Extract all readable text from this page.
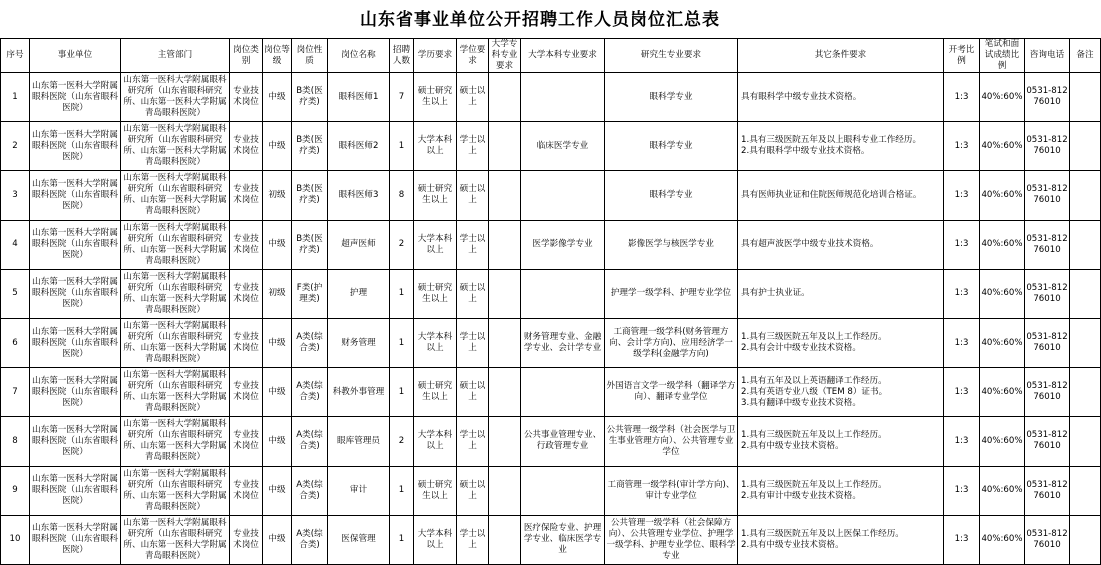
山东省事业单位公开招聘工作人员岗位汇总表
序号	事业单位	主管部门	岗位类别	岗位等级	岗位性质	岗位名称	招聘人数	学历要求	学位要求	大学专科专业要求	大学本科专业要求	研究生专业要求	其它条件要求	开考比例	笔试和面试成绩比例	咨询电话	备注
1	山东第一医科大学附属眼科医院（山东省眼科医院）	山东第一医科大学附属眼科研究所（山东省眼科研究所、山东第一医科大学附属青岛眼科医院）	专业技术岗位	中级	B类(医疗类)	眼科医师1	7	硕士研究生以上	硕士以上			眼科学专业	具有眼科学中级专业技术资格。	1:3	40%:60%	0531-81276010	
2	山东第一医科大学附属眼科医院（山东省眼科医院）	山东第一医科大学附属眼科研究所（山东省眼科研究所、山东第一医科大学附属青岛眼科医院）	专业技术岗位	中级	B类(医疗类)	眼科医师2	1	大学本科以上	学士以上		临床医学专业	眼科学专业	1.具有三级医院五年及以上眼科专业工作经历。
2.具有眼科学中级专业技术资格。	1:3	40%:60%	0531-81276010	
3	山东第一医科大学附属眼科医院（山东省眼科医院）	山东第一医科大学附属眼科研究所（山东省眼科研究所、山东第一医科大学附属青岛眼科医院）	专业技术岗位	初级	B类(医疗类)	眼科医师3	8	硕士研究生以上	硕士以上			眼科学专业	具有医师执业证和住院医师规范化培训合格证。	1:3	40%:60%	0531-81276010	
4	山东第一医科大学附属眼科医院（山东省眼科医院）	山东第一医科大学附属眼科研究所（山东省眼科研究所、山东第一医科大学附属青岛眼科医院）	专业技术岗位	中级	B类(医疗类)	超声医师	2	大学本科以上	学士以上		医学影像学专业	影像医学与核医学专业	具有超声波医学中级专业技术资格。	1:3	40%:60%	0531-81276010	
5	山东第一医科大学附属眼科医院（山东省眼科医院）	山东第一医科大学附属眼科研究所（山东省眼科研究所、山东第一医科大学附属青岛眼科医院）	专业技术岗位	初级	F类(护理类)	护理	1	硕士研究生以上	硕士以上			护理学一级学科、护理专业学位	具有护士执业证。	1:3	40%:60%	0531-81276010	
6	山东第一医科大学附属眼科医院（山东省眼科医院）	山东第一医科大学附属眼科研究所（山东省眼科研究所、山东第一医科大学附属青岛眼科医院）	专业技术岗位	中级	A类(综合类)	财务管理	1	大学本科以上	学士以上		财务管理专业、金融学专业、会计学专业	工商管理一级学科(财务管理方向、会计学方向)、应用经济学一级学科(金融学方向)	1.具有三级医院五年及以上工作经历。
2.具有会计中级专业技术资格。	1:3	40%:60%	0531-81276010	
7	山东第一医科大学附属眼科医院（山东省眼科医院）	山东第一医科大学附属眼科研究所（山东省眼科研究所、山东第一医科大学附属青岛眼科医院）	专业技术岗位	中级	A类(综合类)	科教外事管理	1	硕士研究生以上	硕士以上			外国语言文学一级学科（翻译学方向）、翻译专业学位	1.具有五年及以上英语翻译工作经历。
2.具有英语专业八级（TEM 8）证书。
3.具有翻译中级专业技术资格。	1:3	40%:60%	0531-81276010	
8	山东第一医科大学附属眼科医院（山东省眼科医院）	山东第一医科大学附属眼科研究所（山东省眼科研究所、山东第一医科大学附属青岛眼科医院）	专业技术岗位	中级	A类(综合类)	眼库管理员	2	大学本科以上	学士以上		公共事业管理专业、行政管理专业	公共管理一级学科（社会医学与卫生事业管理方向）、公共管理专业学位	1.具有三级医院五年及以上工作经历。
2.具有中级专业技术资格。	1:3	40%:60%	0531-81276010	
9	山东第一医科大学附属眼科医院（山东省眼科医院）	山东第一医科大学附属眼科研究所（山东省眼科研究所、山东第一医科大学附属青岛眼科医院）	专业技术岗位	中级	A类(综合类)	审计	1	硕士研究生以上	硕士以上			工商管理一级学科(审计学方向)、审计专业学位	1.具有三级医院五年及以上工作经历。
2.具有审计中级专业技术资格。	1:3	40%:60%	0531-81276010	
10	山东第一医科大学附属眼科医院（山东省眼科医院）	山东第一医科大学附属眼科研究所（山东省眼科研究所、山东第一医科大学附属青岛眼科医院）	专业技术岗位	中级	A类(综合类)	医保管理	1	大学本科以上	学士以上		医疗保险专业、护理学专业、临床医学专业	公共管理一级学科（社会保障方向）、公共管理专业学位、护理学一级学科、护理专业学位、眼科学专业	1.具有三级医院五年及以上医保工作经历。
2.具有中级专业技术资格。	1:3	40%:60%	0531-81276010	
